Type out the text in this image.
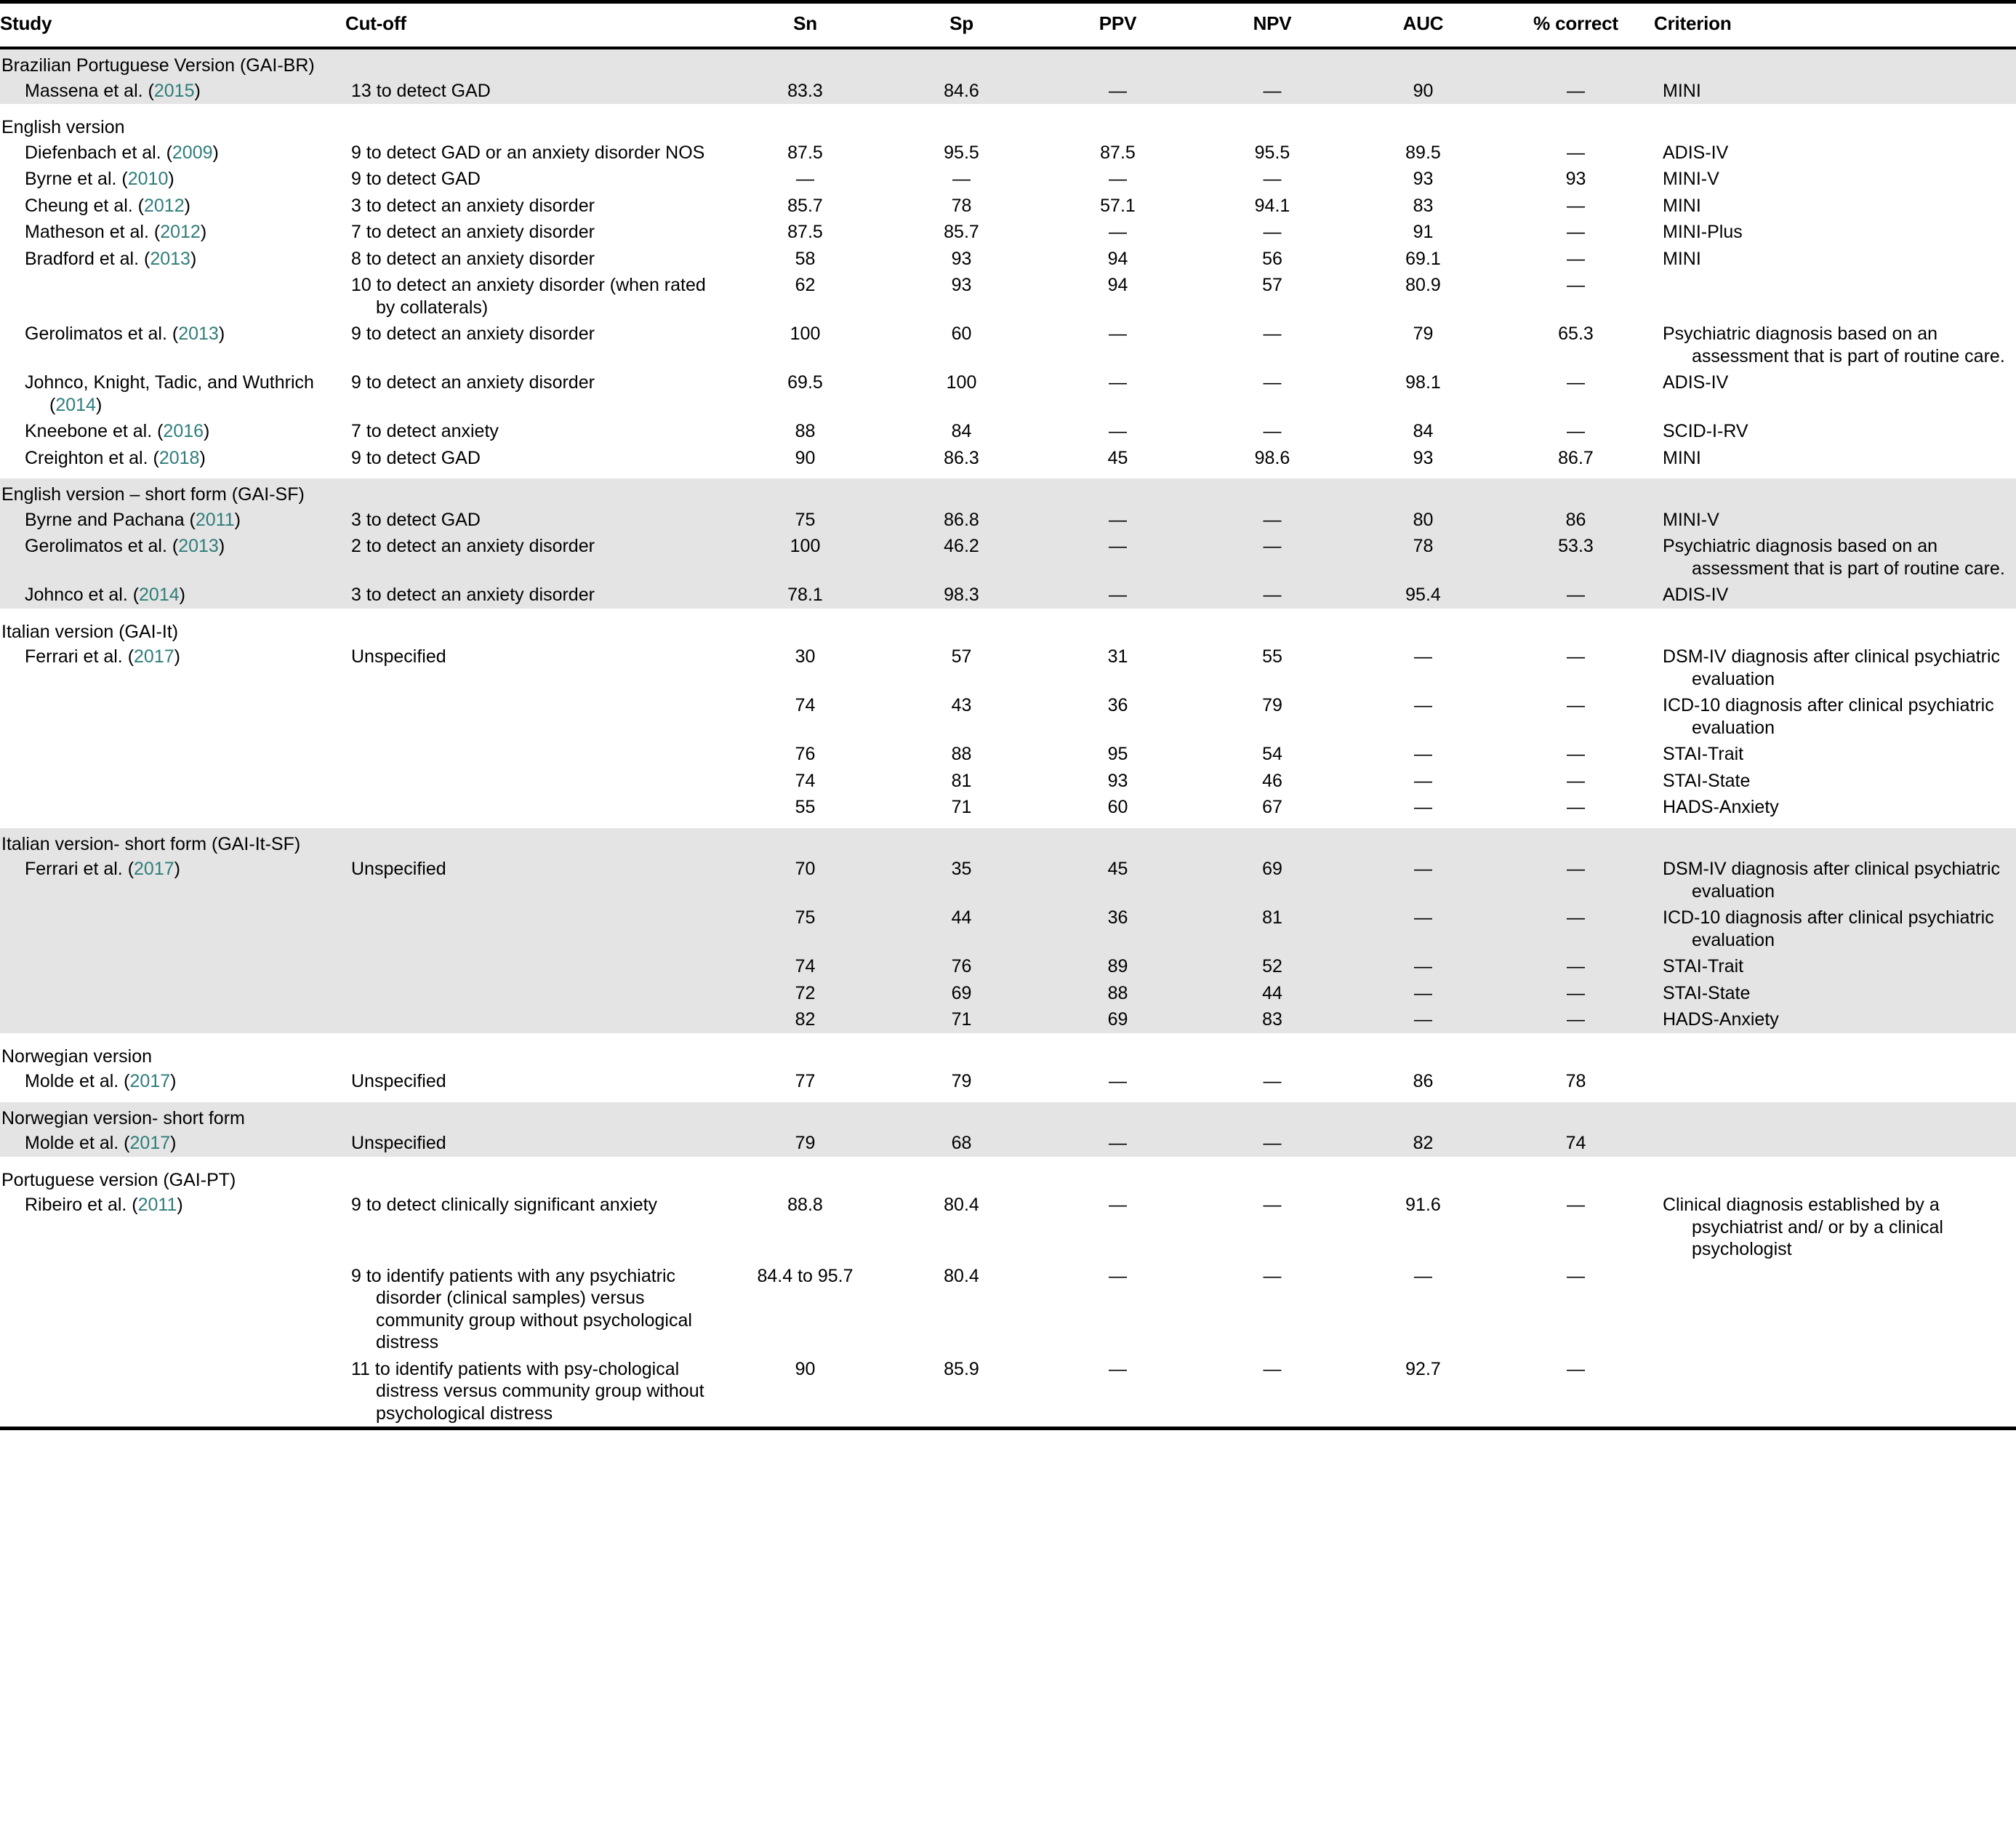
Study	Cut-off	Sn	Sp	PPV	NPV	AUC	% correct	Criterion

Brazilian Portuguese Version (GAI-BR)								

Massena et al. (2015)	13 to detect GAD	83.3	84.6	—	—	90	—	MINI

English version								

Diefenbach et al. (2009)	9 to detect GAD or an anxiety disorder NOS	87.5	95.5	87.5	95.5	89.5	—	ADIS-IV

Byrne et al. (2010)	9 to detect GAD	—	—	—	—	93	93	MINI-V

Cheung et al. (2012)	3 to detect an anxiety disorder	85.7	78	57.1	94.1	83	—	MINI

Matheson et al. (2012)	7 to detect an anxiety disorder	87.5	85.7	—	—	91	—	MINI-Plus

Bradford et al. (2013)	8 to detect an anxiety disorder	58	93	94	56	69.1	—	MINI

	10 to detect an anxiety disorder (when rated by collaterals)	62	93	94	57	80.9	—	

Gerolimatos et al. (2013)	9 to detect an anxiety disorder	100	60	—	—	79	65.3	Psychiatric diagnosis based on an assessment that is part of routine care.

Johnco, Knight, Tadic, and Wuthrich (2014)	9 to detect an anxiety disorder	69.5	100	—	—	98.1	—	ADIS-IV

Kneebone et al. (2016)	7 to detect anxiety	88	84	—	—	84	—	SCID-I-RV

Creighton et al. (2018)	9 to detect GAD	90	86.3	45	98.6	93	86.7	MINI

English version – short form (GAI-SF)								

Byrne and Pachana (2011)	3 to detect GAD	75	86.8	—	—	80	86	MINI-V

Gerolimatos et al. (2013)	2 to detect an anxiety disorder	100	46.2	—	—	78	53.3	Psychiatric diagnosis based on an assessment that is part of routine care.

Johnco et al. (2014)	3 to detect an anxiety disorder	78.1	98.3	—	—	95.4	—	ADIS-IV

Italian version (GAI-It)								

Ferrari et al. (2017)	Unspecified	30	57	31	55	—	—	DSM-IV diagnosis after clinical psychiatric evaluation

		74	43	36	79	—	—	ICD-10 diagnosis after clinical psychiatric evaluation

		76	88	95	54	—	—	STAI-Trait

		74	81	93	46	—	—	STAI-State

		55	71	60	67	—	—	HADS-Anxiety

Italian version- short form (GAI-It-SF)								

Ferrari et al. (2017)	Unspecified	70	35	45	69	—	—	DSM-IV diagnosis after clinical psychiatric evaluation

		75	44	36	81	—	—	ICD-10 diagnosis after clinical psychiatric evaluation

		74	76	89	52	—	—	STAI-Trait

		72	69	88	44	—	—	STAI-State

		82	71	69	83	—	—	HADS-Anxiety

Norwegian version								

Molde et al. (2017)	Unspecified	77	79	—	—	86	78	

Norwegian version- short form								

Molde et al. (2017)	Unspecified	79	68	—	—	82	74	

Portuguese version (GAI-PT)								

Ribeiro et al. (2011)	9 to detect clinically significant anxiety	88.8	80.4	—	—	91.6	—	Clinical diagnosis established by a psychiatrist and/ or by a clinical psychologist

	9 to identify patients with any psychiatric disorder (clinical samples) versus community group without psychological distress	84.4 to 95.7	80.4	—	—	—	—	

	11 to identify patients with psy-chological distress versus community group without psychological distress	90	85.9	—	—	92.7	—	
